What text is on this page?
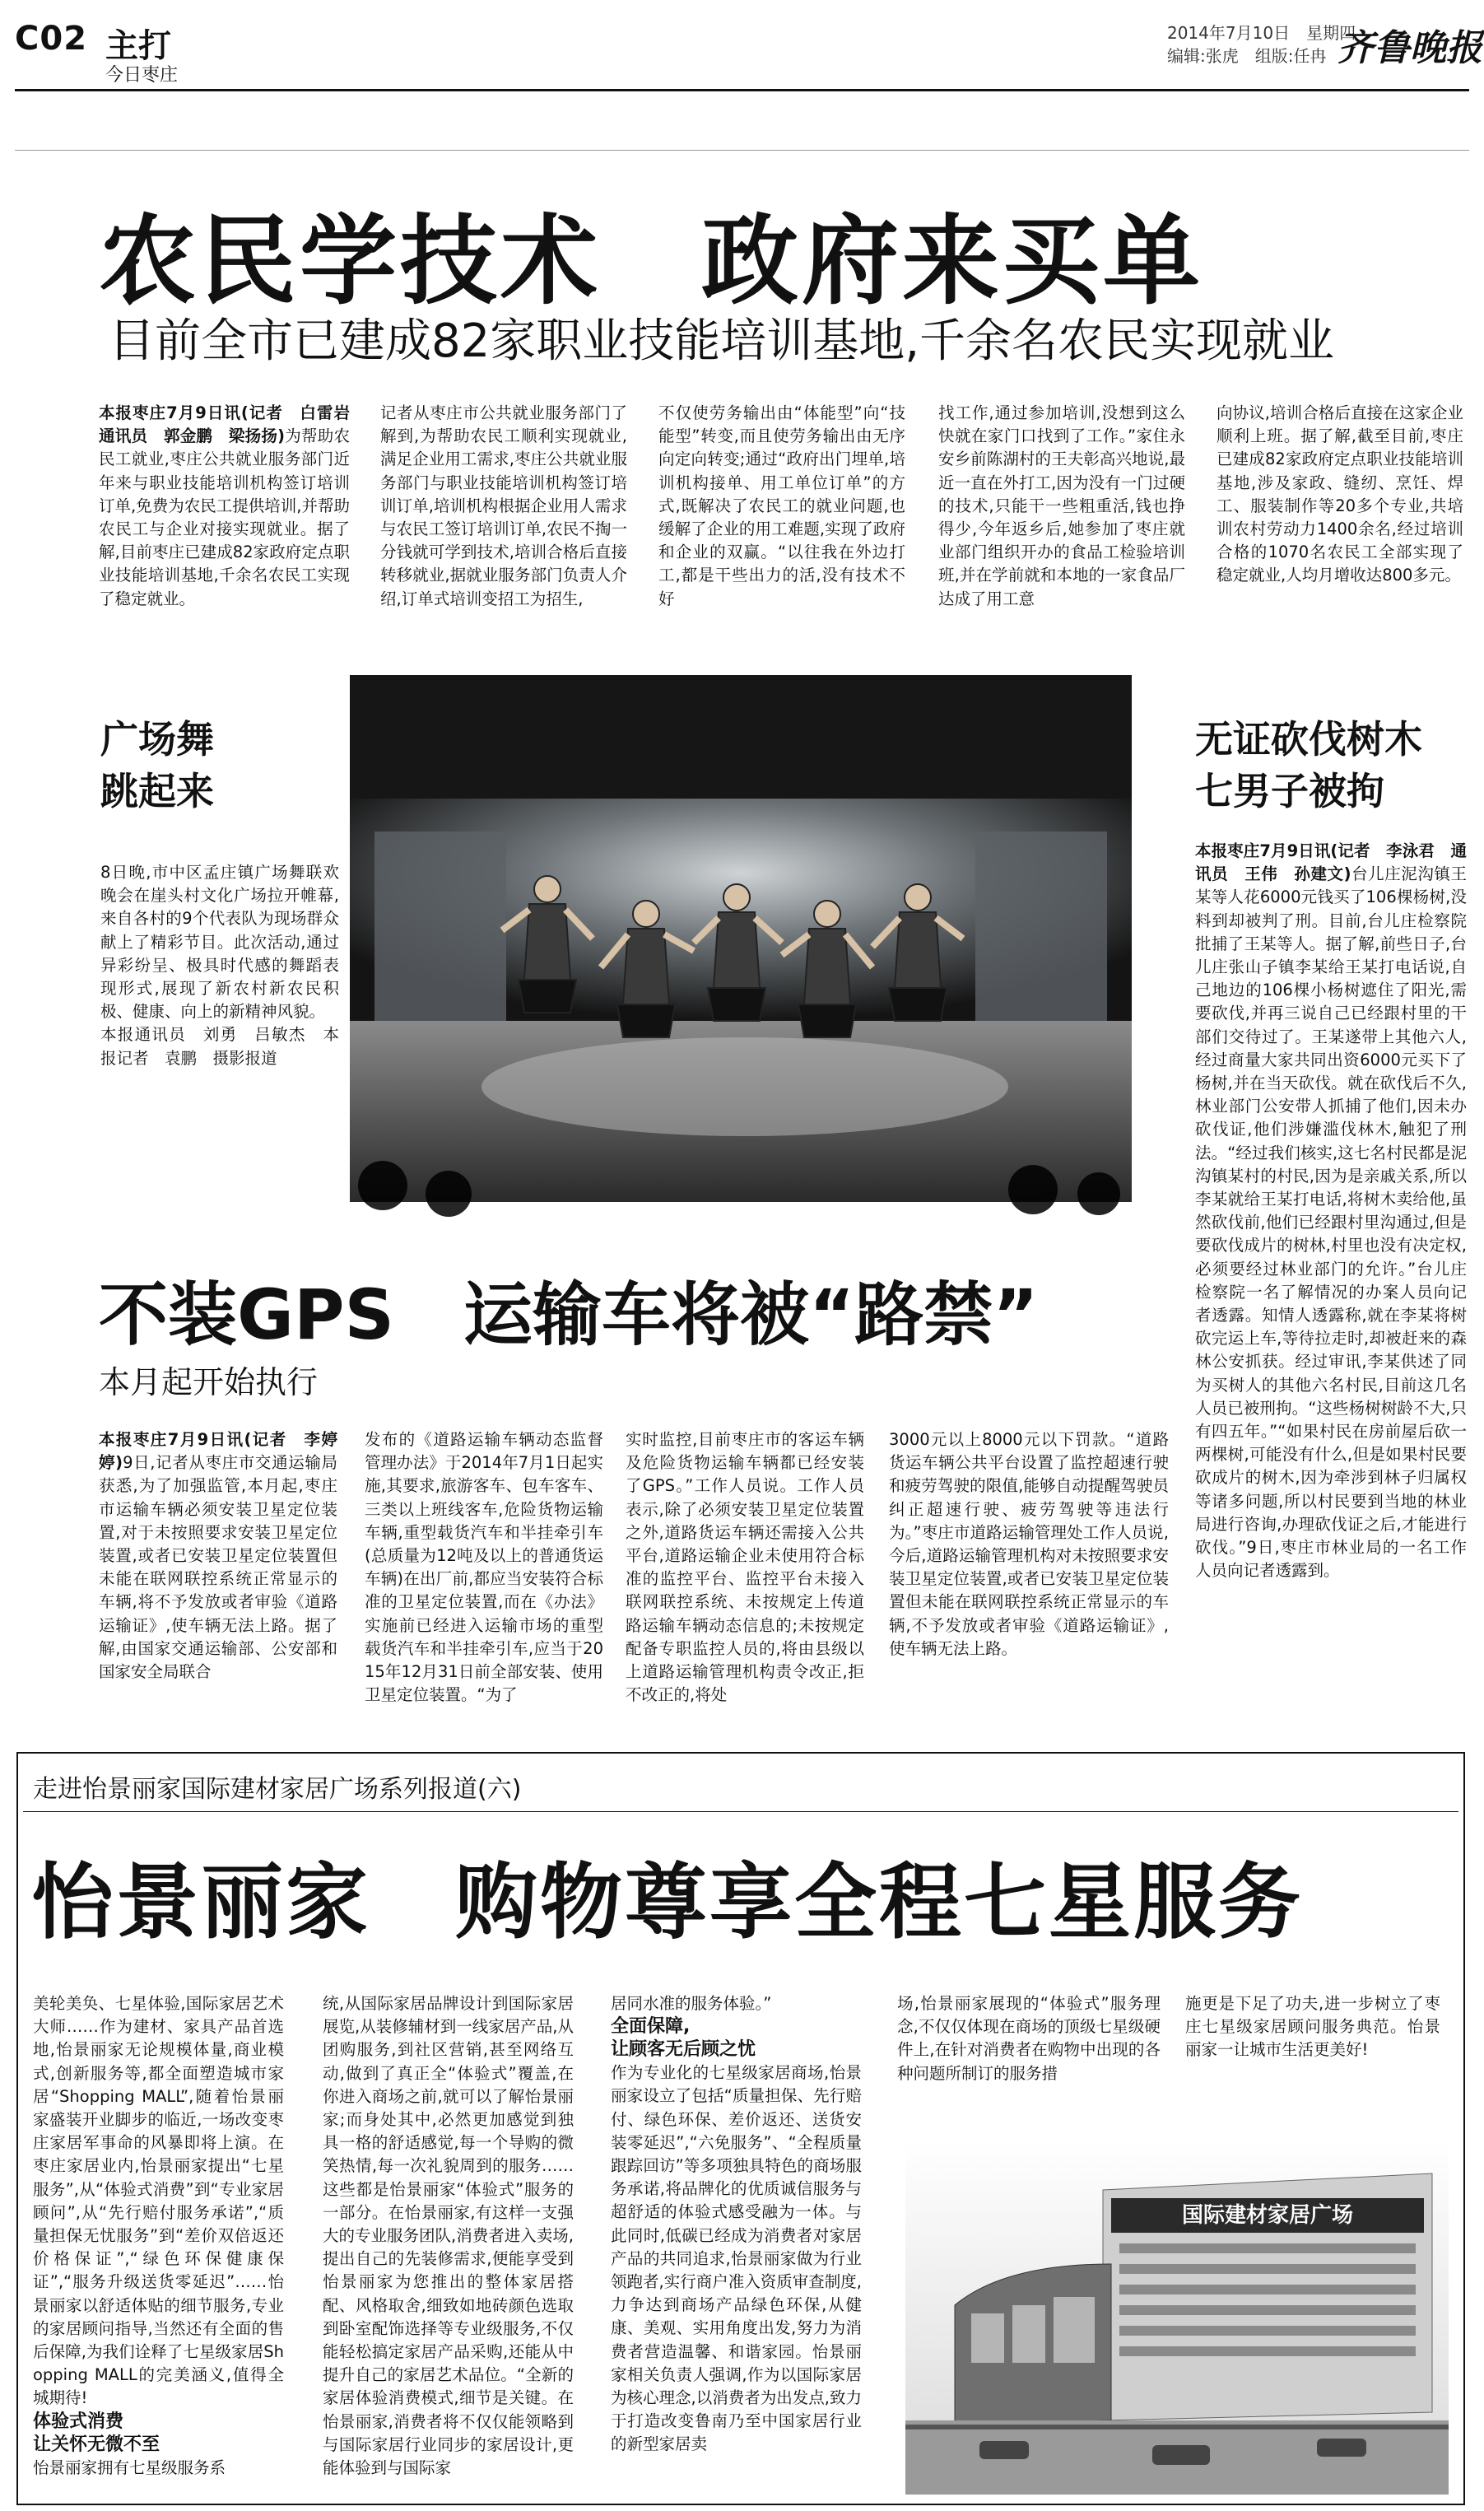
C02 主打
今日枣庄
2014年7月10日　星期四
编辑:张虎　组版:任冉 齐鲁晚报
农民学技术　政府来买单
目前全市已建成82家职业技能培训基地,千余名农民实现就业
本报枣庄7月9日讯(记者　白雷岩　通讯员　郭金鹏　梁扬扬)为帮助农民工就业,枣庄公共就业服务部门近年来与职业技能培训机构签订培训订单,免费为农民工提供培训,并帮助农民工与企业对接实现就业。据了解,目前枣庄已建成82家政府定点职业技能培训基地,千余名农民工实现了稳定就业。
记者从枣庄市公共就业服务部门了解到,为帮助农民工顺利实现就业,满足企业用工需求,枣庄公共就业服务部门与职业技能培训机构签订培训订单,培训机构根据企业用人需求与农民工签订培训订单,农民不掏一分钱就可学到技术,培训合格后直接转移就业,据就业服务部门负责人介绍,订单式培训变招工为招生,
不仅使劳务输出由“体能型”向“技能型”转变,而且使劳务输出由无序向定向转变;通过“政府出门埋单,培训机构接单、用工单位订单”的方式,既解决了农民工的就业问题,也缓解了企业的用工难题,实现了政府和企业的双赢。“以往我在外边打工,都是干些出力的活,没有技术不好
找工作,通过参加培训,没想到这么快就在家门口找到了工作。”家住永安乡前陈湖村的王夫彰高兴地说,最近一直在外打工,因为没有一门过硬的技术,只能干一些粗重活,钱也挣得少,今年返乡后,她参加了枣庄就业部门组织开办的食品工检验培训班,并在学前就和本地的一家食品厂达成了用工意
向协议,培训合格后直接在这家企业顺利上班。据了解,截至目前,枣庄已建成82家政府定点职业技能培训基地,涉及家政、缝纫、烹饪、焊工、服装制作等20多个专业,共培训农村劳动力1400余名,经过培训合格的1070名农民工全部实现了稳定就业,人均月增收达800多元。
广场舞
跳起来
8日晚,市中区孟庄镇广场舞联欢晚会在崖头村文化广场拉开帷幕,来自各村的9个代表队为现场群众献上了精彩节目。此次活动,通过异彩纷呈、极具时代感的舞蹈表现形式,展现了新农村新农民积极、健康、向上的新精神风貌。
本报通讯员　刘勇　吕敏杰　本报记者　袁鹏　摄影报道
无证砍伐树木
七男子被拘
本报枣庄7月9日讯(记者　李泳君　通讯员　王伟　孙建文)台儿庄泥沟镇王某等人花6000元钱买了106棵杨树,没料到却被判了刑。目前,台儿庄检察院批捕了王某等人。据了解,前些日子,台儿庄张山子镇李某给王某打电话说,自己地边的106棵小杨树遮住了阳光,需要砍伐,并再三说自己已经跟村里的干部们交待过了。王某遂带上其他六人,经过商量大家共同出资6000元买下了杨树,并在当天砍伐。就在砍伐后不久,林业部门公安带人抓捕了他们,因未办砍伐证,他们涉嫌滥伐林木,触犯了刑法。“经过我们核实,这七名村民都是泥沟镇某村的村民,因为是亲戚关系,所以李某就给王某打电话,将树木卖给他,虽然砍伐前,他们已经跟村里沟通过,但是要砍伐成片的树林,村里也没有决定权,必须要经过林业部门的允许。”台儿庄检察院一名了解情况的办案人员向记者透露。知情人透露称,就在李某将树砍完运上车,等待拉走时,却被赶来的森林公安抓获。经过审讯,李某供述了同为买树人的其他六名村民,目前这几名人员已被刑拘。“这些杨树树龄不大,只有四五年。”“如果村民在房前屋后砍一两棵树,可能没有什么,但是如果村民要砍成片的树木,因为牵涉到林子归属权等诸多问题,所以村民要到当地的林业局进行咨询,办理砍伐证之后,才能进行砍伐。”9日,枣庄市林业局的一名工作人员向记者透露到。
不装GPS　运输车将被“路禁”
本月起开始执行
本报枣庄7月9日讯(记者　李婷婷)9日,记者从枣庄市交通运输局获悉,为了加强监管,本月起,枣庄市运输车辆必须安装卫星定位装置,对于未按照要求安装卫星定位装置,或者已安装卫星定位装置但未能在联网联控系统正常显示的车辆,将不予发放或者审验《道路运输证》,使车辆无法上路。据了解,由国家交通运输部、公安部和国家安全局联合
发布的《道路运输车辆动态监督管理办法》于2014年7月1日起实施,其要求,旅游客车、包车客车、三类以上班线客车,危险货物运输车辆,重型载货汽车和半挂牵引车(总质量为12吨及以上的普通货运车辆)在出厂前,都应当安装符合标准的卫星定位装置,而在《办法》实施前已经进入运输市场的重型载货汽车和半挂牵引车,应当于2015年12月31日前全部安装、使用卫星定位装置。“为了
实时监控,目前枣庄市的客运车辆及危险货物运输车辆都已经安装了GPS。”工作人员说。工作人员表示,除了必须安装卫星定位装置之外,道路货运车辆还需接入公共平台,道路运输企业未使用符合标准的监控平台、监控平台未接入联网联控系统、未按规定上传道路运输车辆动态信息的;未按规定配备专职监控人员的,将由县级以上道路运输管理机构责令改正,拒不改正的,将处
3000元以上8000元以下罚款。“道路货运车辆公共平台设置了监控超速行驶和疲劳驾驶的限值,能够自动提醒驾驶员纠正超速行驶、疲劳驾驶等违法行为。”枣庄市道路运输管理处工作人员说,今后,道路运输管理机构对未按照要求安装卫星定位装置,或者已安装卫星定位装置但未能在联网联控系统正常显示的车辆,不予发放或者审验《道路运输证》,使车辆无法上路。
走进怡景丽家国际建材家居广场系列报道(六)
怡景丽家　购物尊享全程七星服务
美轮美奂、七星体验,国际家居艺术大师……作为建材、家具产品首选地,怡景丽家无论规模体量,商业模式,创新服务等,都全面塑造城市家居“Shopping MALL”,随着怡景丽家盛装开业脚步的临近,一场改变枣庄家居军事命的风暴即将上演。在枣庄家居业内,怡景丽家提出“七星服务”,从“体验式消费”到“专业家居顾问”,从“先行赔付服务承诺”,“质量担保无忧服务”到“差价双倍返还价格保证”,“绿色环保健康保证”,“服务升级送货零延迟”……怡景丽家以舒适体贴的细节服务,专业的家居顾问指导,当然还有全面的售后保障,为我们诠释了七星级家居Shopping MALL的完美涵义,值得全城期待!
体验式消费
让关怀无微不至
怡景丽家拥有七星级服务系
统,从国际家居品牌设计到国际家居展览,从装修辅材到一线家居产品,从团购服务,到社区营销,甚至网络互动,做到了真正全“体验式”覆盖,在你进入商场之前,就可以了解怡景丽家;而身处其中,必然更加感觉到独具一格的舒适感觉,每一个导购的微笑热情,每一次礼貌周到的服务……这些都是怡景丽家“体验式”服务的一部分。在怡景丽家,有这样一支强大的专业服务团队,消费者进入卖场,提出自己的先装修需求,便能享受到怡景丽家为您推出的整体家居搭配、风格取舍,细致如地砖颜色选取到卧室配饰选择等专业级服务,不仅能轻松搞定家居产品采购,还能从中提升自己的家居艺术品位。“全新的家居体验消费模式,细节是关键。在怡景丽家,消费者将不仅仅能领略到与国际家居行业同步的家居设计,更能体验到与国际家
居同水准的服务体验。”
全面保障,
让顾客无后顾之忧
作为专业化的七星级家居商场,怡景丽家设立了包括“质量担保、先行赔付、绿色环保、差价返还、送货安装零延迟”,“六免服务”、“全程质量跟踪回访”等多项独具特色的商场服务承诺,将品牌化的优质诚信服务与超舒适的体验式感受融为一体。与此同时,低碳已经成为消费者对家居产品的共同追求,怡景丽家做为行业领跑者,实行商户准入资质审查制度,力争达到商场产品绿色环保,从健康、美观、实用角度出发,努力为消费者营造温馨、和谐家园。怡景丽家相关负责人强调,作为以国际家居为核心理念,以消费者为出发点,致力于打造改变鲁南乃至中国家居行业的新型家居卖
场,怡景丽家展现的“体验式”服务理念,不仅仅体现在商场的顶级七星级硬件上,在针对消费者在购物中出现的各种问题所制订的服务措
施更是下足了功夫,进一步树立了枣庄七星级家居顾问服务典范。怡景丽家一让城市生活更美好!
国际建材家居广场
